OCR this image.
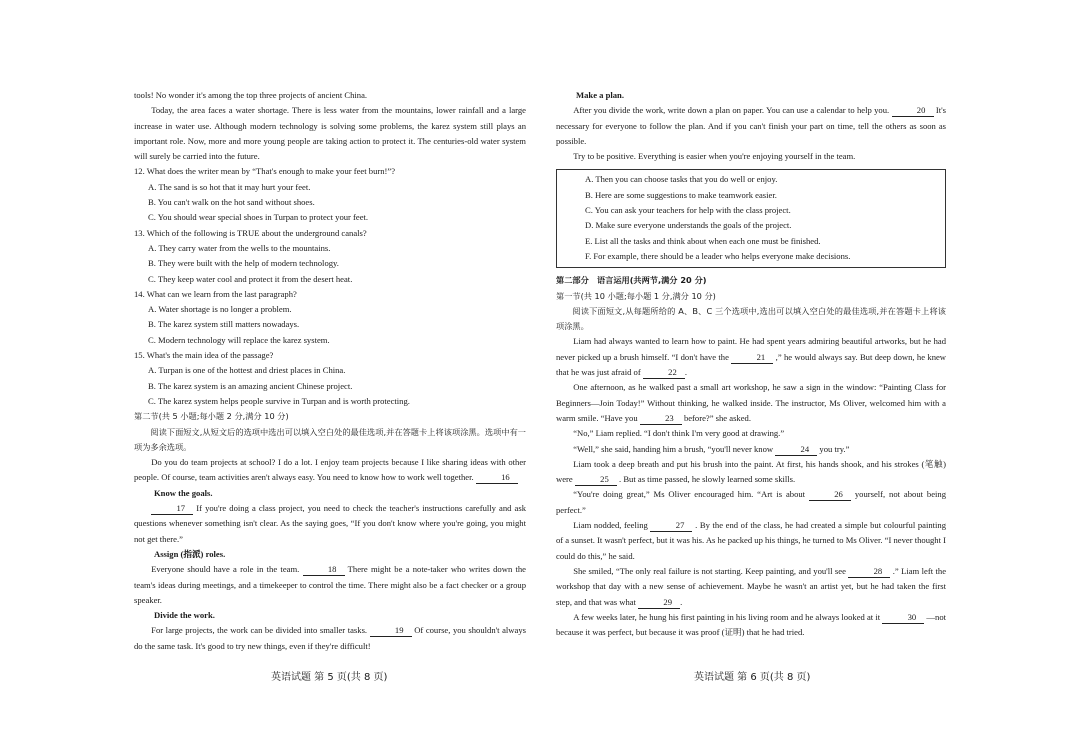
tools! No wonder it's among the top three projects of ancient China.

Today, the area faces a water shortage. There is less water from the mountains, lower rainfall and a large increase in water use. Although modern technology is solving some problems, the karez system still plays an important role. Now, more and more young people are taking action to protect it. The centuries-old water system will surely be carried into the future.

12. What does the writer mean by “That's enough to make your feet burn!”?

A. The sand is so hot that it may hurt your feet.

B. You can't walk on the hot sand without shoes.

C. You should wear special shoes in Turpan to protect your feet.

13. Which of the following is TRUE about the underground canals?

A. They carry water from the wells to the mountains.

B. They were built with the help of modern technology.

C. They keep water cool and protect it from the desert heat.

14. What can we learn from the last paragraph?

A. Water shortage is no longer a problem.

B. The karez system still matters nowadays.

C. Modern technology will replace the karez system.

15. What's the main idea of the passage?

A. Turpan is one of the hottest and driest places in China.

B. The karez system is an amazing ancient Chinese project.

C. The karez system helps people survive in Turpan and is worth protecting.

第二节(共 5 小题;每小题 2 分,满分 10 分)

阅读下面短文,从短文后的选项中选出可以填入空白处的最佳选项,并在答题卡上将该项涂黑。选项中有一项为多余选项。

Do you do team projects at school? I do a lot. I enjoy team projects because I like sharing ideas with other people. Of course, team activities aren't always easy. You need to know how to work well together.	16

Know the goals.

17 If you're doing a class project, you need to check the teacher's instructions carefully and ask questions whenever something isn't clear. As the saying goes, “If you don't know where you're going, you might not get there.”

Assign (指派) roles.

Everyone should have a role in the team.	18 There might be a note-taker who writes down the team's ideas during meetings, and a timekeeper to control the time. There might also be a fact checker or a group speaker.

Divide the work.

For large projects, the work can be divided into smaller tasks.	19 Of course, you shouldn't always do the same task. It's good to try new things, even if they're difficult!

Make a plan.

After you divide the work, write down a plan on paper. You can use a calendar to help you.	20 It's necessary for everyone to follow the plan. And if you can't finish your part on time, tell the others as soon as possible.

Try to be positive. Everything is easier when you're enjoying yourself in the team.

A. Then you can choose tasks that you do well or enjoy.

B. Here are some suggestions to make teamwork easier.

C. You can ask your teachers for help with the class project.

D. Make sure everyone understands the goals of the project.

E. List all the tasks and think about when each one must be finished.

F. For example, there should be a leader who helps everyone make decisions.

第二部分　语言运用(共两节,满分 20 分)

第一节(共 10 小题;每小题 1 分,满分 10 分)

阅读下面短文,从每题所给的 A、B、C 三个选项中,选出可以填入空白处的最佳选项,并在答题卡上将该项涂黑。

Liam had always wanted to learn how to paint. He had spent years admiring beautiful artworks, but he had never picked up a brush himself. “I don't have the	21 ,” he would always say. But deep down, he knew that he was just afraid of	22 .

One afternoon, as he walked past a small art workshop, he saw a sign in the window: “Painting Class for Beginners—Join Today!” Without thinking, he walked inside. The instructor, Ms Oliver, welcomed him with a warm smile. “Have you	23 before?” she asked.

“No,” Liam replied. “I don't think I'm very good at drawing.”

“Well,” she said, handing him a brush, “you'll never know	24 you try.”

Liam took a deep breath and put his brush into the paint. At first, his hands shook, and his strokes (笔触) were	25 . But as time passed, he slowly learned some skills.

“You're doing great,” Ms Oliver encouraged him. “Art is about	26 yourself, not about being perfect.”

Liam nodded, feeling	27 . By the end of the class, he had created a simple but colourful painting of a sunset. It wasn't perfect, but it was his. As he packed up his things, he turned to Ms Oliver. “I never thought I could do this,” he said.

She smiled, “The only real failure is not starting. Keep painting, and you'll see	28 .” Liam left the workshop that day with a new sense of achievement. Maybe he wasn't an artist yet, but he had taken the first step, and that was what	29 .

A few weeks later, he hung his first painting in his living room and he always looked at it	30 —not because it was perfect, but because it was proof (证明) that he had tried.

英语试题 第 5 页(共 8 页)	英语试题 第 6 页(共 8 页)
